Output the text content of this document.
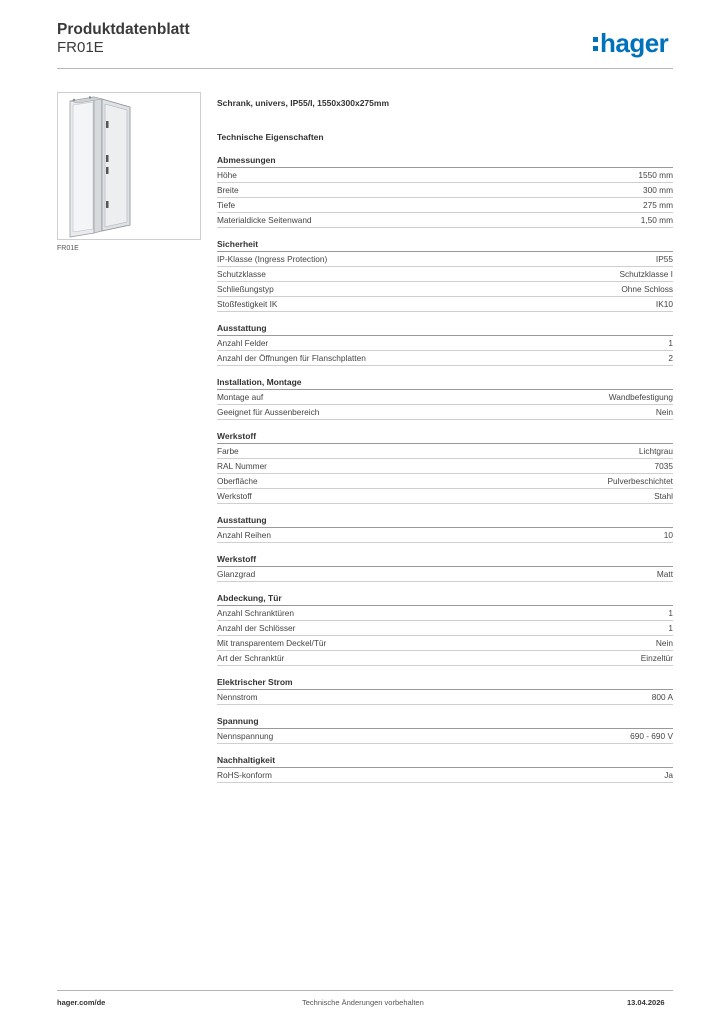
Produktdatenblatt
FR01E	hager
FR01E
Schrank, univers, IP55/I, 1550x300x275mm
Technische Eigenschaften
Abmessungen
Höhe	1550 mm
Breite	300 mm
Tiefe	275 mm
Materialdicke Seitenwand	1,50 mm
Sicherheit
IP-Klasse (Ingress Protection)	IP55
Schutzklasse	Schutzklasse I
Schließungstyp	Ohne Schloss
Stoßfestigkeit IK	IK10
Ausstattung
Anzahl Felder	1
Anzahl der Öffnungen für Flanschplatten	2
Installation, Montage
Montage auf	Wandbefestigung
Geeignet für Aussenbereich	Nein
Werkstoff
Farbe	Lichtgrau
RAL Nummer	7035
Oberfläche	Pulverbeschichtet
Werkstoff	Stahl
Ausstattung
Anzahl Reihen	10
Werkstoff
Glanzgrad	Matt
Abdeckung, Tür
Anzahl Schranktüren	1
Anzahl der Schlösser	1
Mit transparentem Deckel/Tür	Nein
Art der Schranktür	Einzeltür
Elektrischer Strom
Nennstrom	800 A
Spannung
Nennspannung	690 - 690 V
Nachhaltigkeit
RoHS-konform	Ja
hager.com/de	Technische Änderungen vorbehalten	13.04.2026
